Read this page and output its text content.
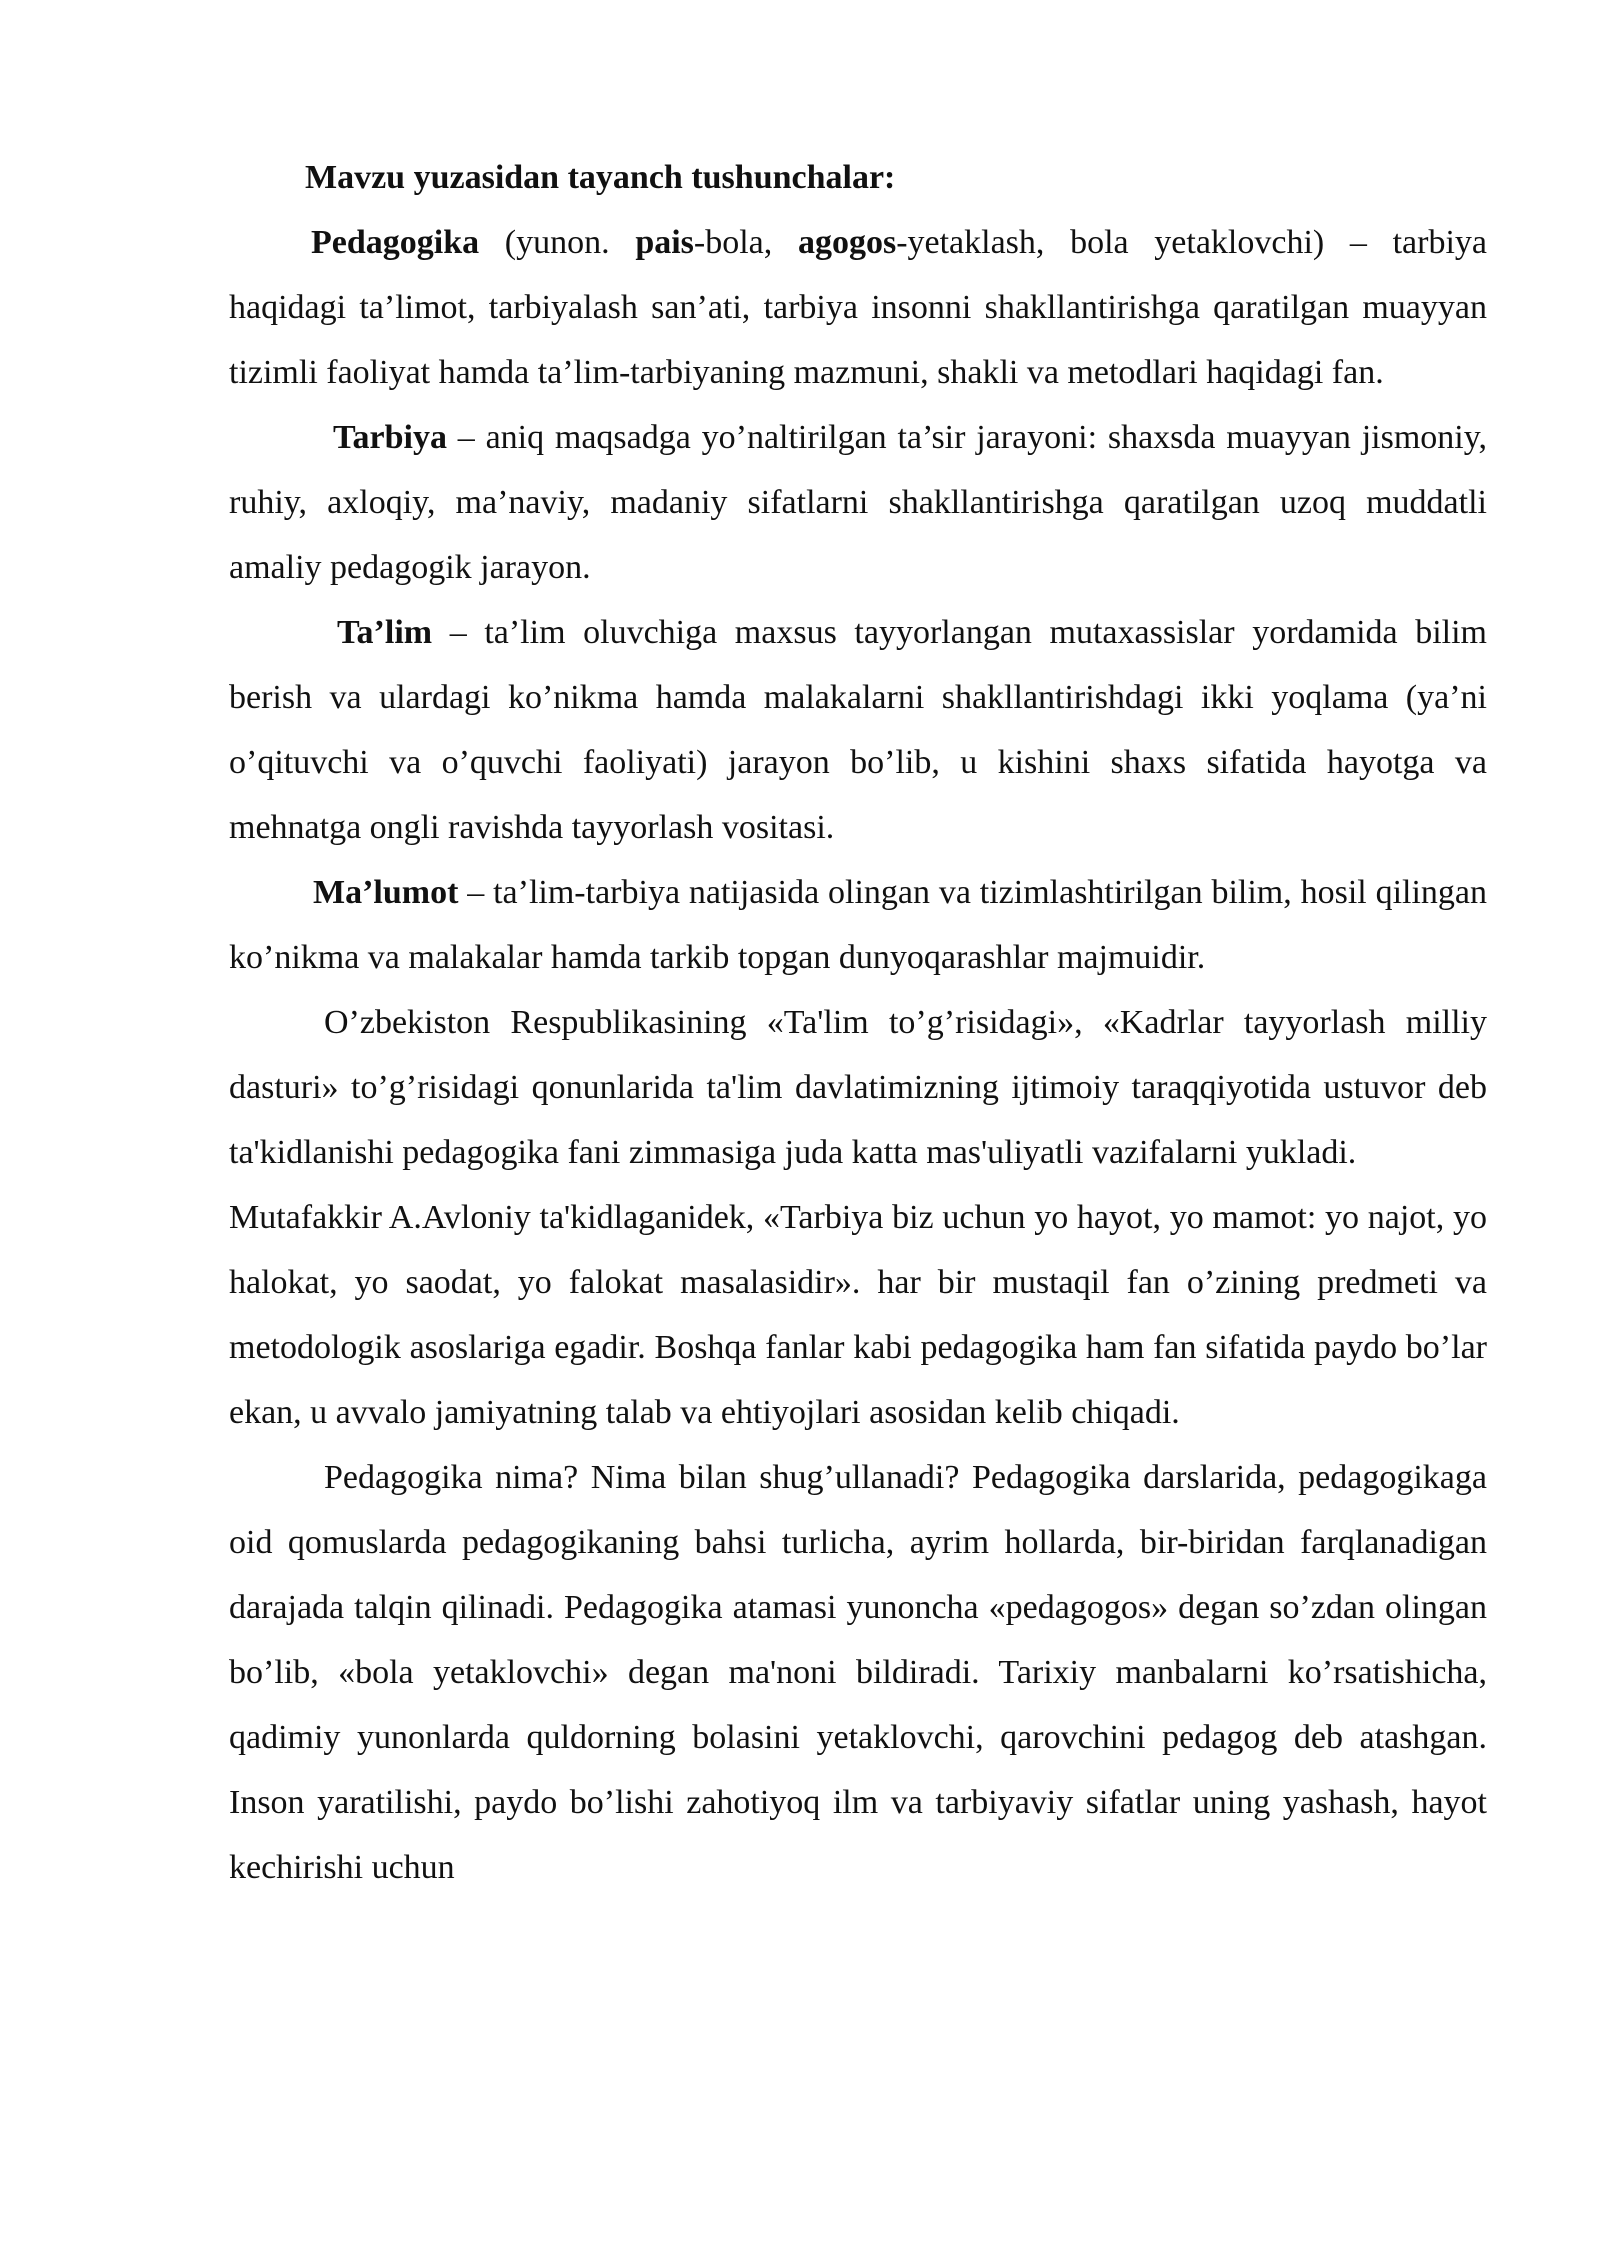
Mavzu yuzasidan tayanch tushunchalar:

Pedagogika (yunon. pais-bola, agogos-yetaklash, bola yetaklovchi) – tarbiya haqidagi ta’limot, tarbiyalash san’ati, tarbiya insonni shakllantirishga qaratilgan muayyan tizimli faoliyat hamda ta’lim-tarbiyaning mazmuni, shakli va metodlari haqidagi fan.

Tarbiya – aniq maqsadga yo’naltirilgan ta’sir jarayoni: shaxsda muayyan jismoniy, ruhiy, axloqiy, ma’naviy, madaniy sifatlarni shakllantirishga qaratilgan uzoq muddatli amaliy pedagogik jarayon.

Ta’lim – ta’lim oluvchiga maxsus tayyorlangan mutaxassislar yordamida bilim berish va ulardagi ko’nikma hamda malakalarni shakllantirishdagi ikki yoqlama (ya’ni o’qituvchi va o’quvchi faoliyati) jarayon bo’lib, u kishini shaxs sifatida hayotga va mehnatga ongli ravishda tayyorlash vositasi.

Ma’lumot – ta’lim-tarbiya natijasida olingan va tizimlashtirilgan bilim, hosil qilingan ko’nikma va malakalar hamda tarkib topgan dunyoqarashlar majmuidir.

O’zbekiston Respublikasining «Ta'lim to’g’risidagi», «Kadrlar tayyorlash milliy dasturi» to’g’risidagi qonunlarida ta'lim davlatimizning ijtimoiy taraqqiyotida ustuvor deb ta'kidlanishi pedagogika fani zimmasiga juda katta mas'uliyatli vazifalarni yukladi.

Mutafakkir A.Avloniy ta'kidlaganidek, «Tarbiya biz uchun yo hayot, yo mamot: yo najot, yo halokat, yo saodat, yo falokat masalasidir». har bir mustaqil fan o’zining predmeti va metodologik asoslariga egadir. Boshqa fanlar kabi pedagogika ham fan sifatida paydo bo’lar ekan, u avvalo jamiyatning talab va ehtiyojlari asosidan kelib chiqadi.

Pedagogika nima? Nima bilan shug’ullanadi? Pedagogika darslarida, pedagogikaga oid qomuslarda pedagogikaning bahsi turlicha, ayrim hollarda, bir-biridan farqlanadigan darajada talqin qilinadi. Pedagogika atamasi yunoncha «pedagogos» degan so’zdan olingan bo’lib, «bola yetaklovchi» degan ma'noni bildiradi. Tarixiy manbalarni ko’rsatishicha, qadimiy yunonlarda quldorning bolasini yetaklovchi, qarovchini pedagog deb atashgan. Inson yaratilishi, paydo bo’lishi zahotiyoq ilm va tarbiyaviy sifatlar uning yashash, hayot kechirishi uchun
